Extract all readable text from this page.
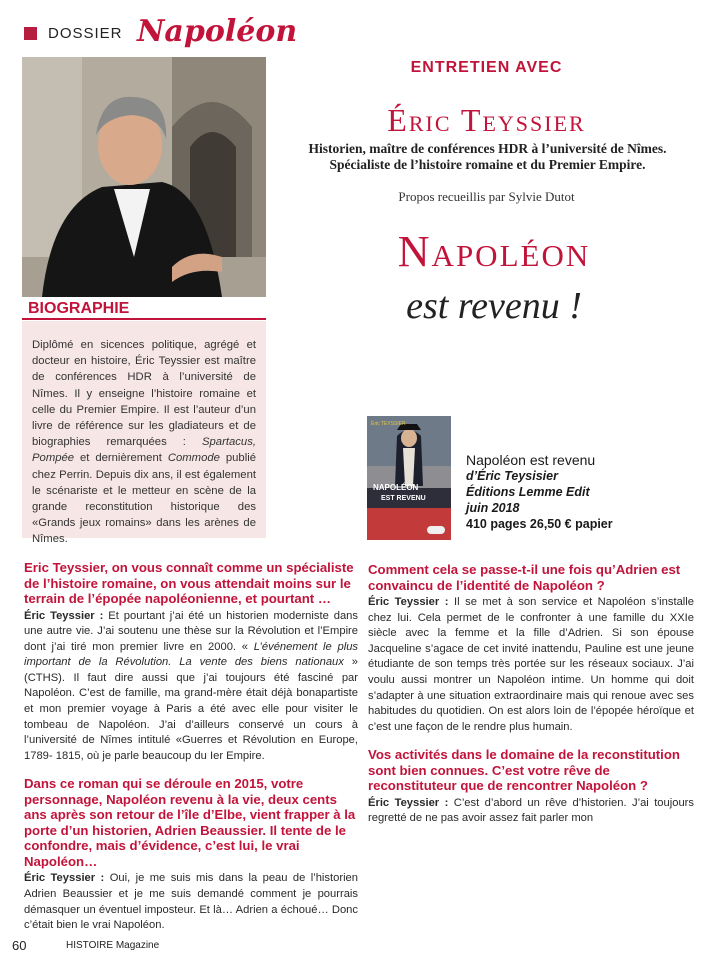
DOSSIER Napoléon
ENTRETIEN AVEC
Éric Teyssier
Historien, maître de conférences HDR à l’université de Nîmes. Spécialiste de l’histoire romaine et du Premier Empire.
Propos recueillis par Sylvie Dutot
Napoléon
est revenu !
BIOGRAPHIE
Diplômé en sicences politique, agrégé et docteur en histoire, Éric Teyssier est maître de conférences HDR à l’université de Nîmes. Il y enseigne l’histoire romaine et celle du Premier Empire. Il est l’auteur d’un livre de référence sur les gladiateurs et de biographies remarquées : Spartacus, Pompée et dernièrement Commode publié chez Perrin. Depuis dix ans, il est également le scénariste et le metteur en scène de la grande reconstitution historique des «Grands jeux romains» dans les arènes de Nîmes.
Éric TEYSSIER
NAPOLÉON
EST REVENU
Napoléon est revenu
d’Éric Teysisier
Éditions Lemme Edit
juin 2018
410 pages 26,50 € papier

Eric Teyssier, on vous connaît comme un spécialiste de l’histoire romaine, on vous attendait moins sur le terrain de l’épopée napoléonienne, et pourtant …

Éric Teyssier : Et pourtant j’ai été un historien moderniste dans une autre vie. J’ai soutenu une thèse sur la Révolution et l’Empire dont j’ai tiré mon premier livre en 2000. « L’événement le plus important de la Révolution. La vente des biens nationaux » (CTHS). Il faut dire aussi que j’ai toujours été fasciné par Napoléon. C’est de famille, ma grand-mère était déjà bonapartiste et mon premier voyage à Paris a été avec elle pour visiter le tombeau de Napoléon. J’ai d’ailleurs conservé un cours à l’université de Nîmes intitulé «Guerres et Révolution en Europe, 1789- 1815, où je parle beaucoup du Ier Empire.

Dans ce roman qui se déroule en 2015, votre personnage, Napoléon revenu à la vie, deux cents ans après son retour de l’île d’Elbe, vient frapper à la porte d’un historien, Adrien Beaussier. Il tente de le confondre, mais d’évidence, c’est lui, le vrai Napoléon…

Éric Teyssier : Oui, je me suis mis dans la peau de l’historien Adrien Beaussier et je me suis demandé comment je pourrais démasquer un éventuel imposteur. Et là… Adrien a échoué… Donc c’était bien le vrai Napoléon.

Comment cela se passe-t-il une fois qu’Adrien est convaincu de l’identité de Napoléon ?

Éric Teyssier : Il se met à son service et Napoléon s’installe chez lui. Cela permet de le confronter à une famille du XXIe siècle avec la femme et la fille d’Adrien. Si son épouse Jacqueline s’agace de cet invité inattendu, Pauline est une jeune étudiante de son temps très portée sur les réseaux sociaux. J’ai voulu aussi montrer un Napoléon intime. Un homme qui doit s’adapter à une situation extraordinaire mais qui renoue avec ses habitudes du quotidien. On est alors loin de l’épopée héroïque et c’est une façon de le rendre plus humain.

Vos activités dans le domaine de la reconstitution sont bien connues. C’est votre rêve de reconstituteur que de rencontrer Napoléon ?

Éric Teyssier : C’est d’abord un rêve d’historien. J’ai toujours regretté de ne pas avoir assez fait parler mon

60	HISTOIRE Magazine
